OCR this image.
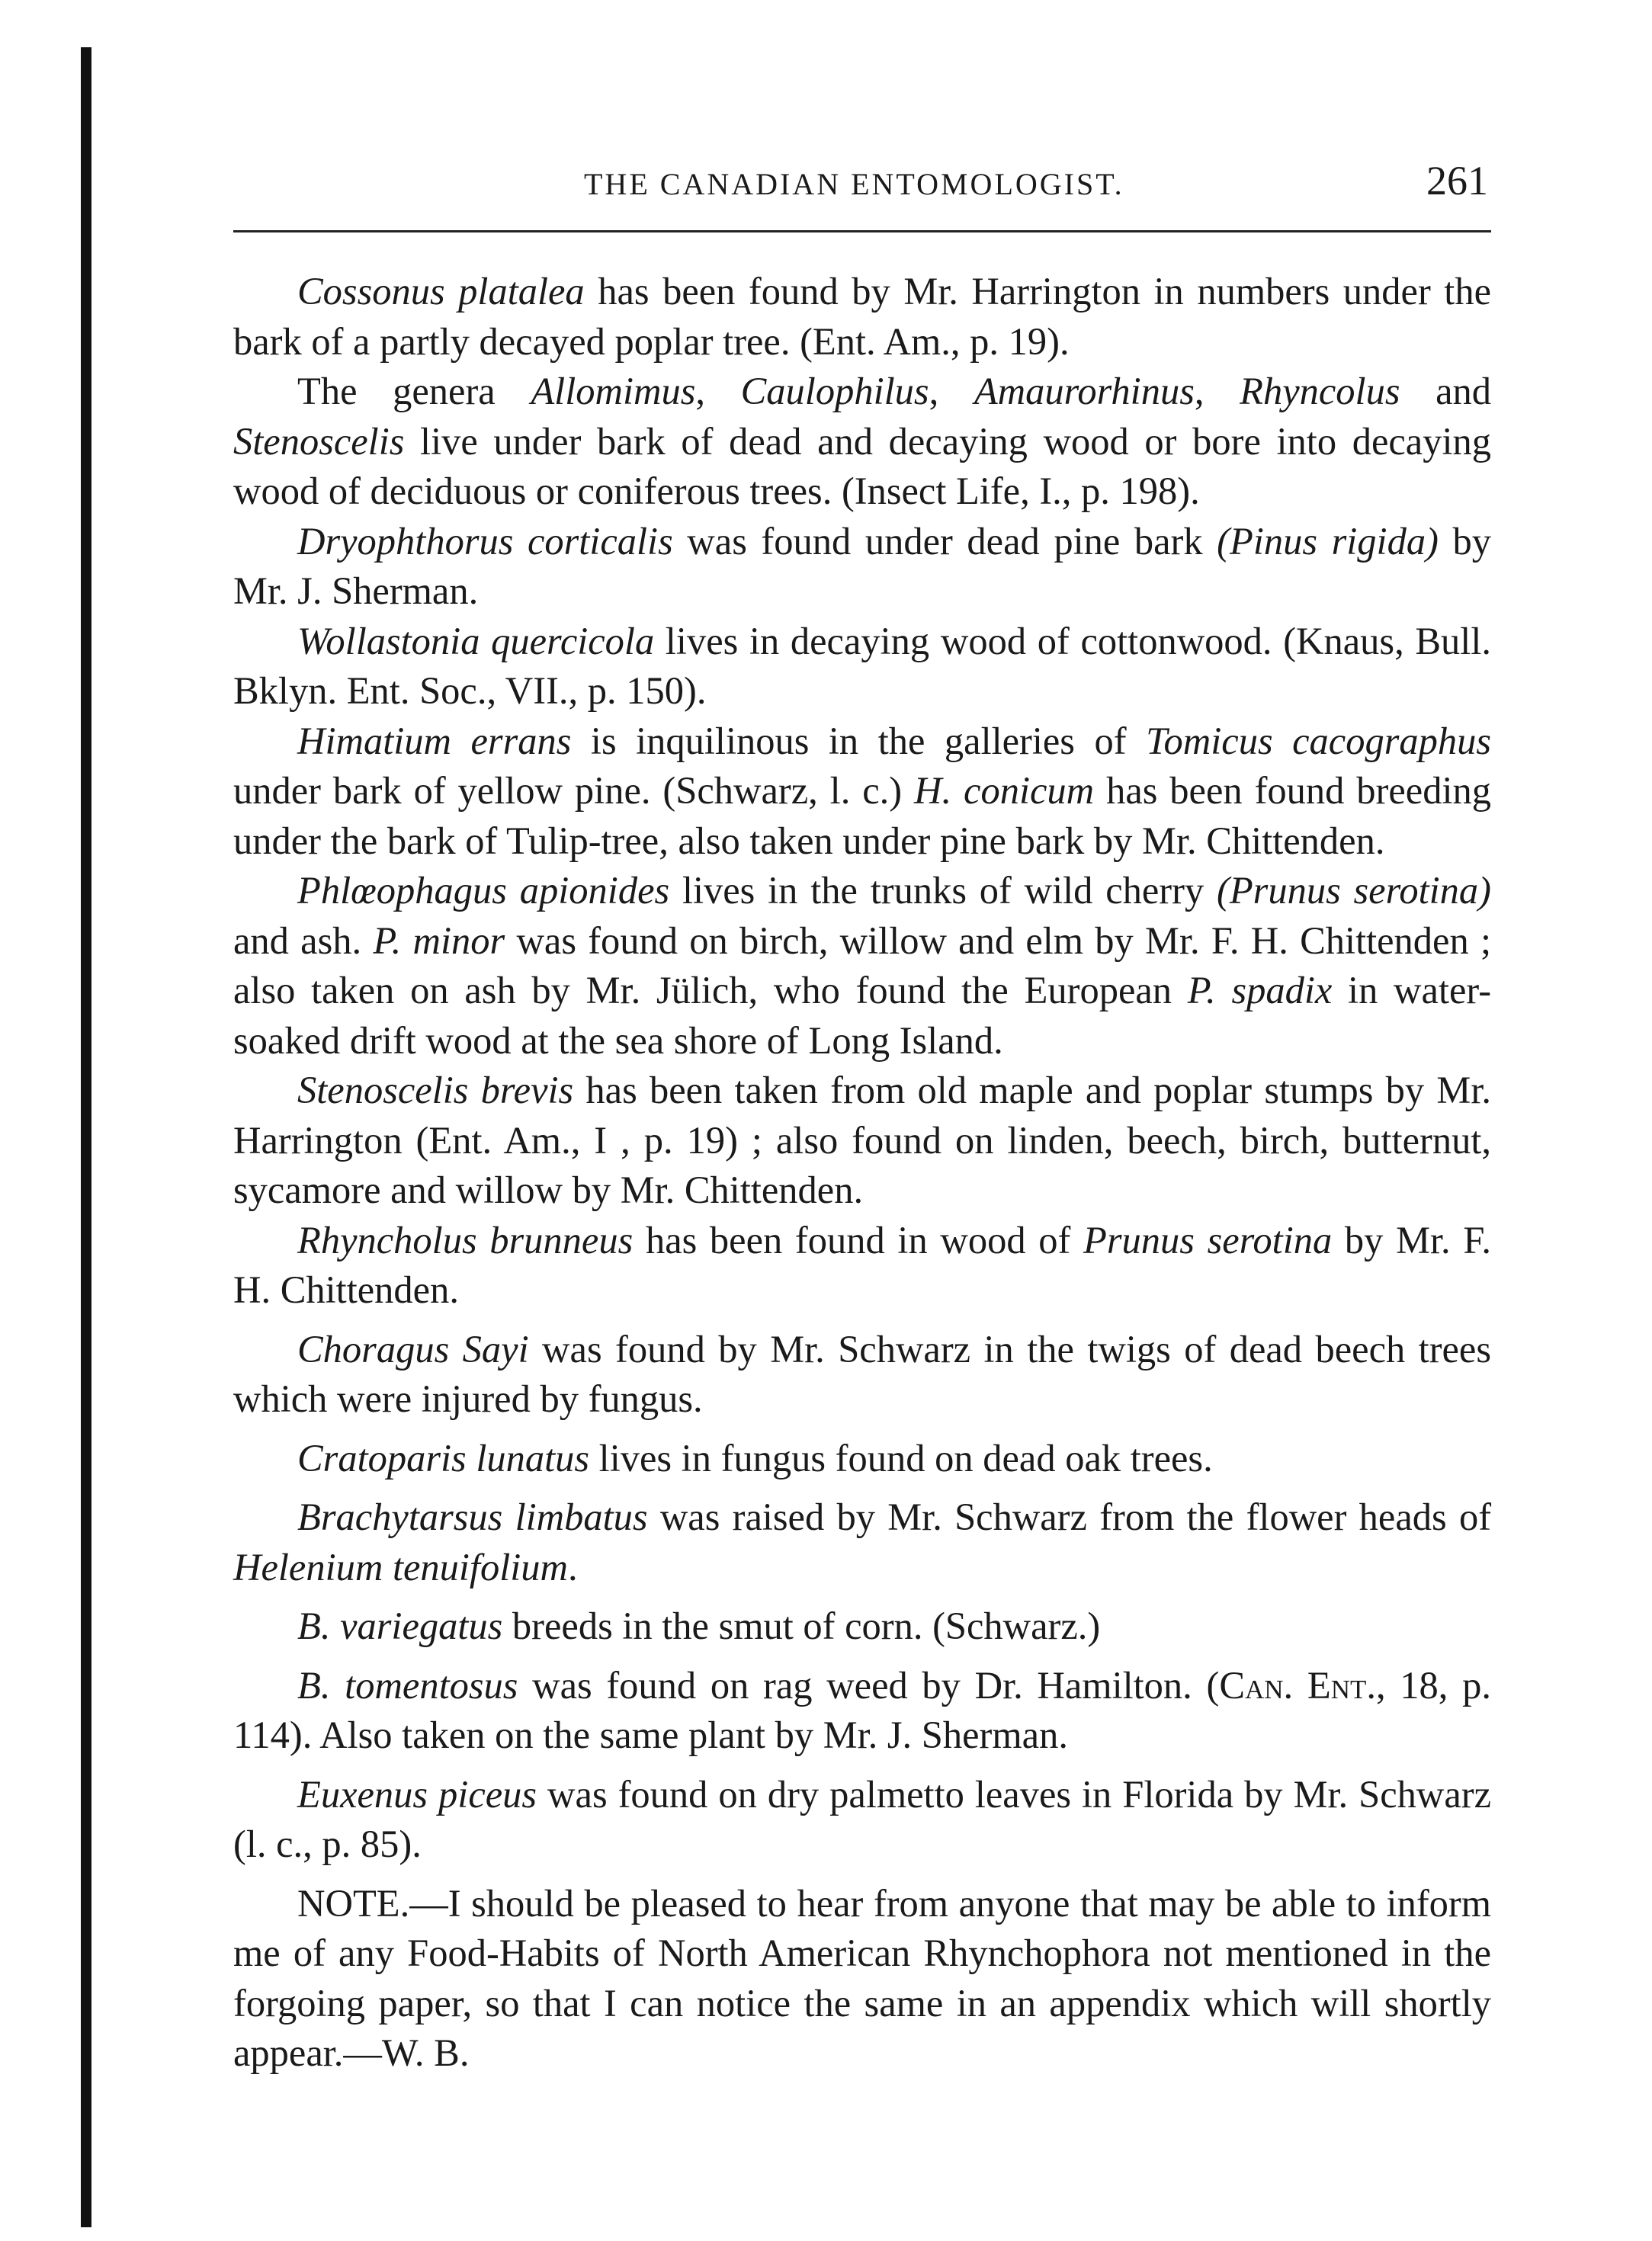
THE CANADIAN ENTOMOLOGIST.	261

Cossonus platalea has been found by Mr. Harrington in numbers under the bark of a partly decayed poplar tree. (Ent. Am., p. 19).

The genera Allomimus, Caulophilus, Amaurorhinus, Rhyncolus and Stenoscelis live under bark of dead and decaying wood or bore into decaying wood of deciduous or coniferous trees. (Insect Life, I., p. 198).

Dryophthorus corticalis was found under dead pine bark (Pinus rigida) by Mr. J. Sherman.

Wollastonia quercicola lives in decaying wood of cottonwood. (Knaus, Bull. Bklyn. Ent. Soc., VII., p. 150).

Himatium errans is inquilinous in the galleries of Tomicus cacographus under bark of yellow pine. (Schwarz, l. c.) H. conicum has been found breeding under the bark of Tulip-tree, also taken under pine bark by Mr. Chittenden.

Phlœophagus apionides lives in the trunks of wild cherry (Prunus serotina) and ash. P. minor was found on birch, willow and elm by Mr. F. H. Chittenden ; also taken on ash by Mr. Jülich, who found the European P. spadix in water-soaked drift wood at the sea shore of Long Island.

Stenoscelis brevis has been taken from old maple and poplar stumps by Mr. Harrington (Ent. Am., I , p. 19) ; also found on linden, beech, birch, butternut, sycamore and willow by Mr. Chittenden.

Rhyncholus brunneus has been found in wood of Prunus serotina by Mr. F. H. Chittenden.

Choragus Sayi was found by Mr. Schwarz in the twigs of dead beech trees which were injured by fungus.

Cratoparis lunatus lives in fungus found on dead oak trees.

Brachytarsus limbatus was raised by Mr. Schwarz from the flower heads of Helenium tenuifolium.

B. variegatus breeds in the smut of corn. (Schwarz.)

B. tomentosus was found on rag weed by Dr. Hamilton. (Can. Ent., 18, p. 114). Also taken on the same plant by Mr. J. Sherman.

Euxenus piceus was found on dry palmetto leaves in Florida by Mr. Schwarz (l. c., p. 85).

NOTE.—I should be pleased to hear from anyone that may be able to inform me of any Food-Habits of North American Rhynchophora not mentioned in the forgoing paper, so that I can notice the same in an appendix which will shortly appear.—W. B.
